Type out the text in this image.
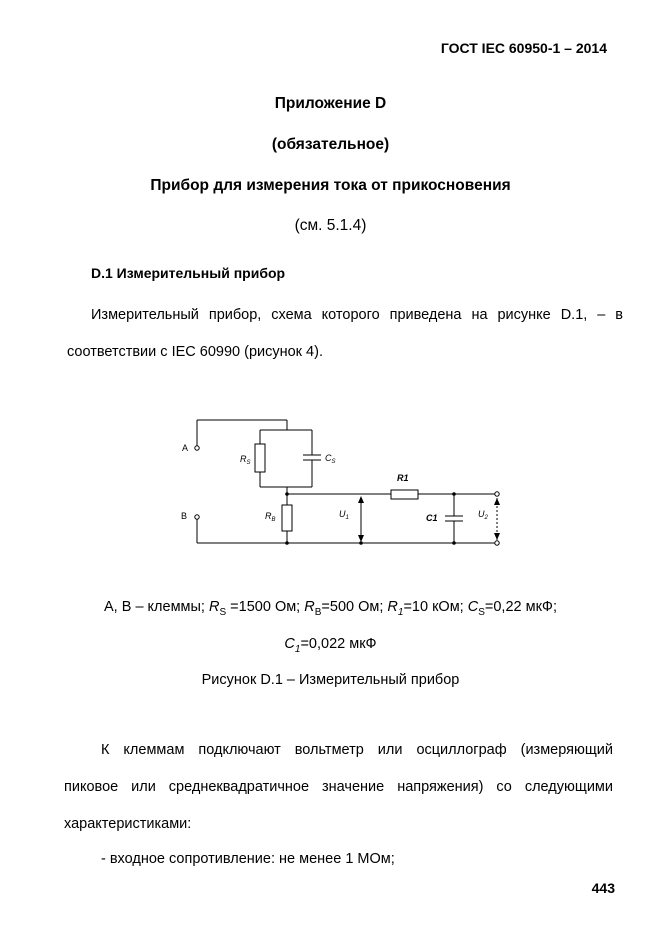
ГОСТ IEC 60950-1 – 2014
Приложение D
(обязательное)
Прибор для измерения тока от прикосновения
(см. 5.1.4)
D.1 Измерительный прибор
Измерительный прибор, схема которого приведена на рисунке D.1, – в
соответствии с IEC 60990 (рисунок 4).
A
B
$R_S$	$C_S$
$R_B$
$U_1$
R1
C1	$U_2$
A, B – клеммы; $R_S =1500$ Ом; $R_B=500$ Ом; $R_1=10$ кОм; $C_S=0,22$ мкФ;
$C_1=0,022$ мкФ
Рисунок D.1 – Измерительный прибор
К клеммам подключают вольтметр или осциллограф (измеряющий
пиковое или среднеквадратичное значение напряжения) со следующими
характеристиками:
- входное сопротивление: не менее 1 МОм;
443
